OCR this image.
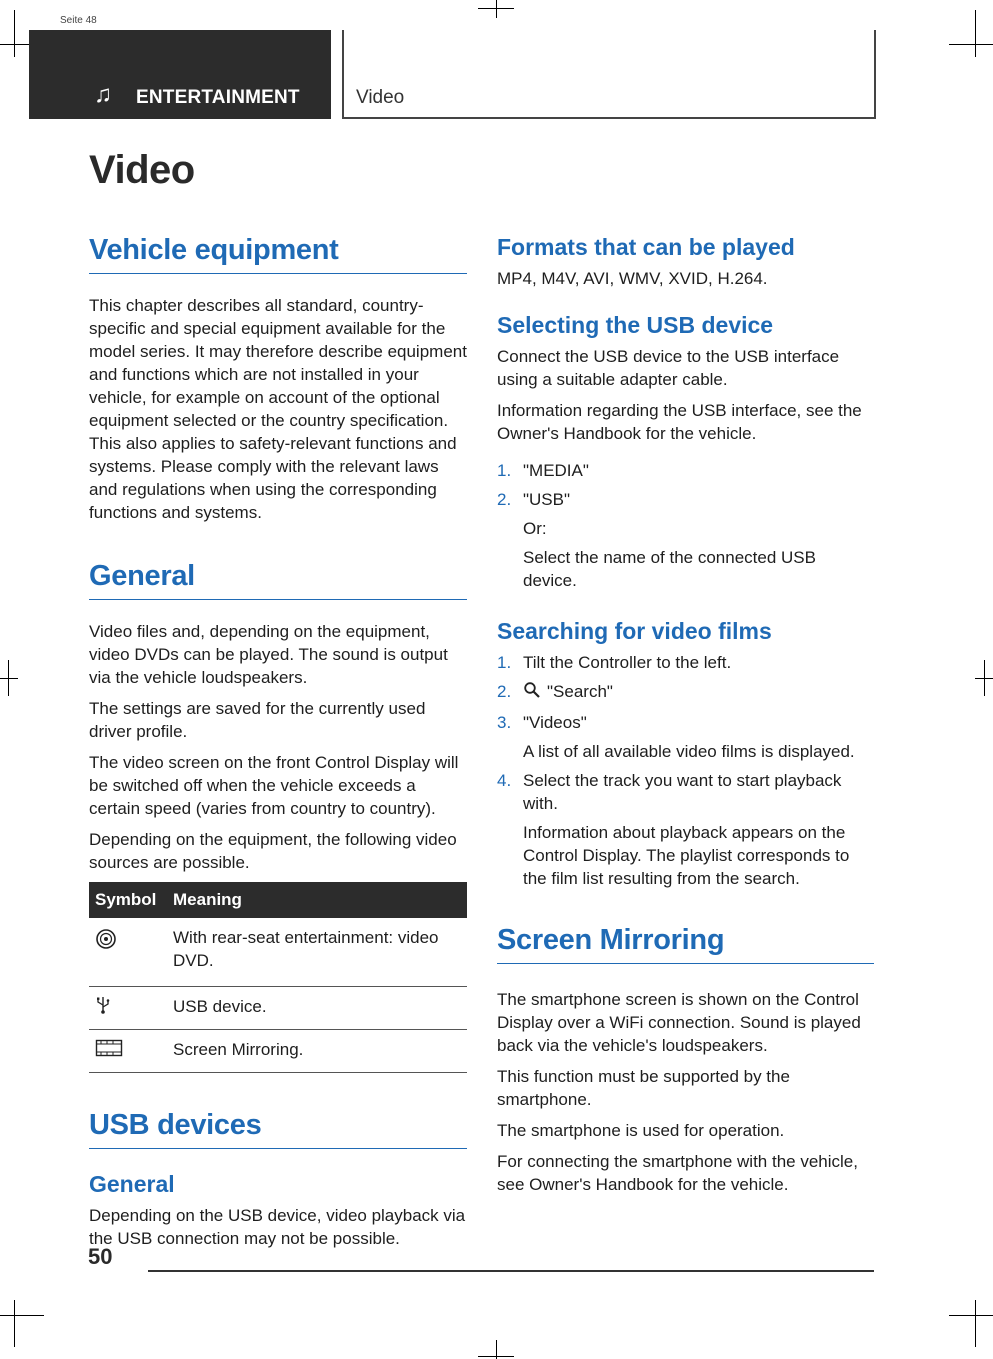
Seite 48
♫ ENTERTAINMENT	Video
Video
Vehicle equipment

This chapter describes all standard, country-specific and special equipment available for the model series. It may therefore describe equipment and functions which are not installed in your vehicle, for example on account of the optional equipment selected or the country specification. This also applies to safety-relevant functions and systems. Please comply with the relevant laws and regulations when using the corresponding functions and systems.

General

Video files and, depending on the equipment, video DVDs can be played. The sound is output via the vehicle loudspeakers.

The settings are saved for the currently used driver profile.

The video screen on the front Control Display will be switched off when the vehicle exceeds a certain speed (varies from country to country).

Depending on the equipment, the following video sources are possible.

Symbol	Meaning
	With rear-seat entertainment: video DVD.
	USB device.
	Screen Mirroring.
USB devices
General

Depending on the USB device, video playback via the USB connection may not be possible.

Formats that can be played

MP4, M4V, AVI, WMV, XVID, H.264.

Selecting the USB device

Connect the USB device to the USB interface using a suitable adapter cable.

Information regarding the USB interface, see the Owner's Handbook for the vehicle.

1. "MEDIA"
2. "USB"

Or:

Select the name of the connected USB device.

Searching for video films
1. Tilt the Controller to the left.
2. "Search"
3. "Videos"

A list of all available video films is displayed.

4. Select the track you want to start playback with.

Information about playback appears on the Control Display. The playlist corresponds to the film list resulting from the search.

Screen Mirroring

The smartphone screen is shown on the Control Display over a WiFi connection. Sound is played back via the vehicle's loudspeakers.

This function must be supported by the smartphone.

The smartphone is used for operation.

For connecting the smartphone with the vehicle, see Owner's Handbook for the vehicle.

50
